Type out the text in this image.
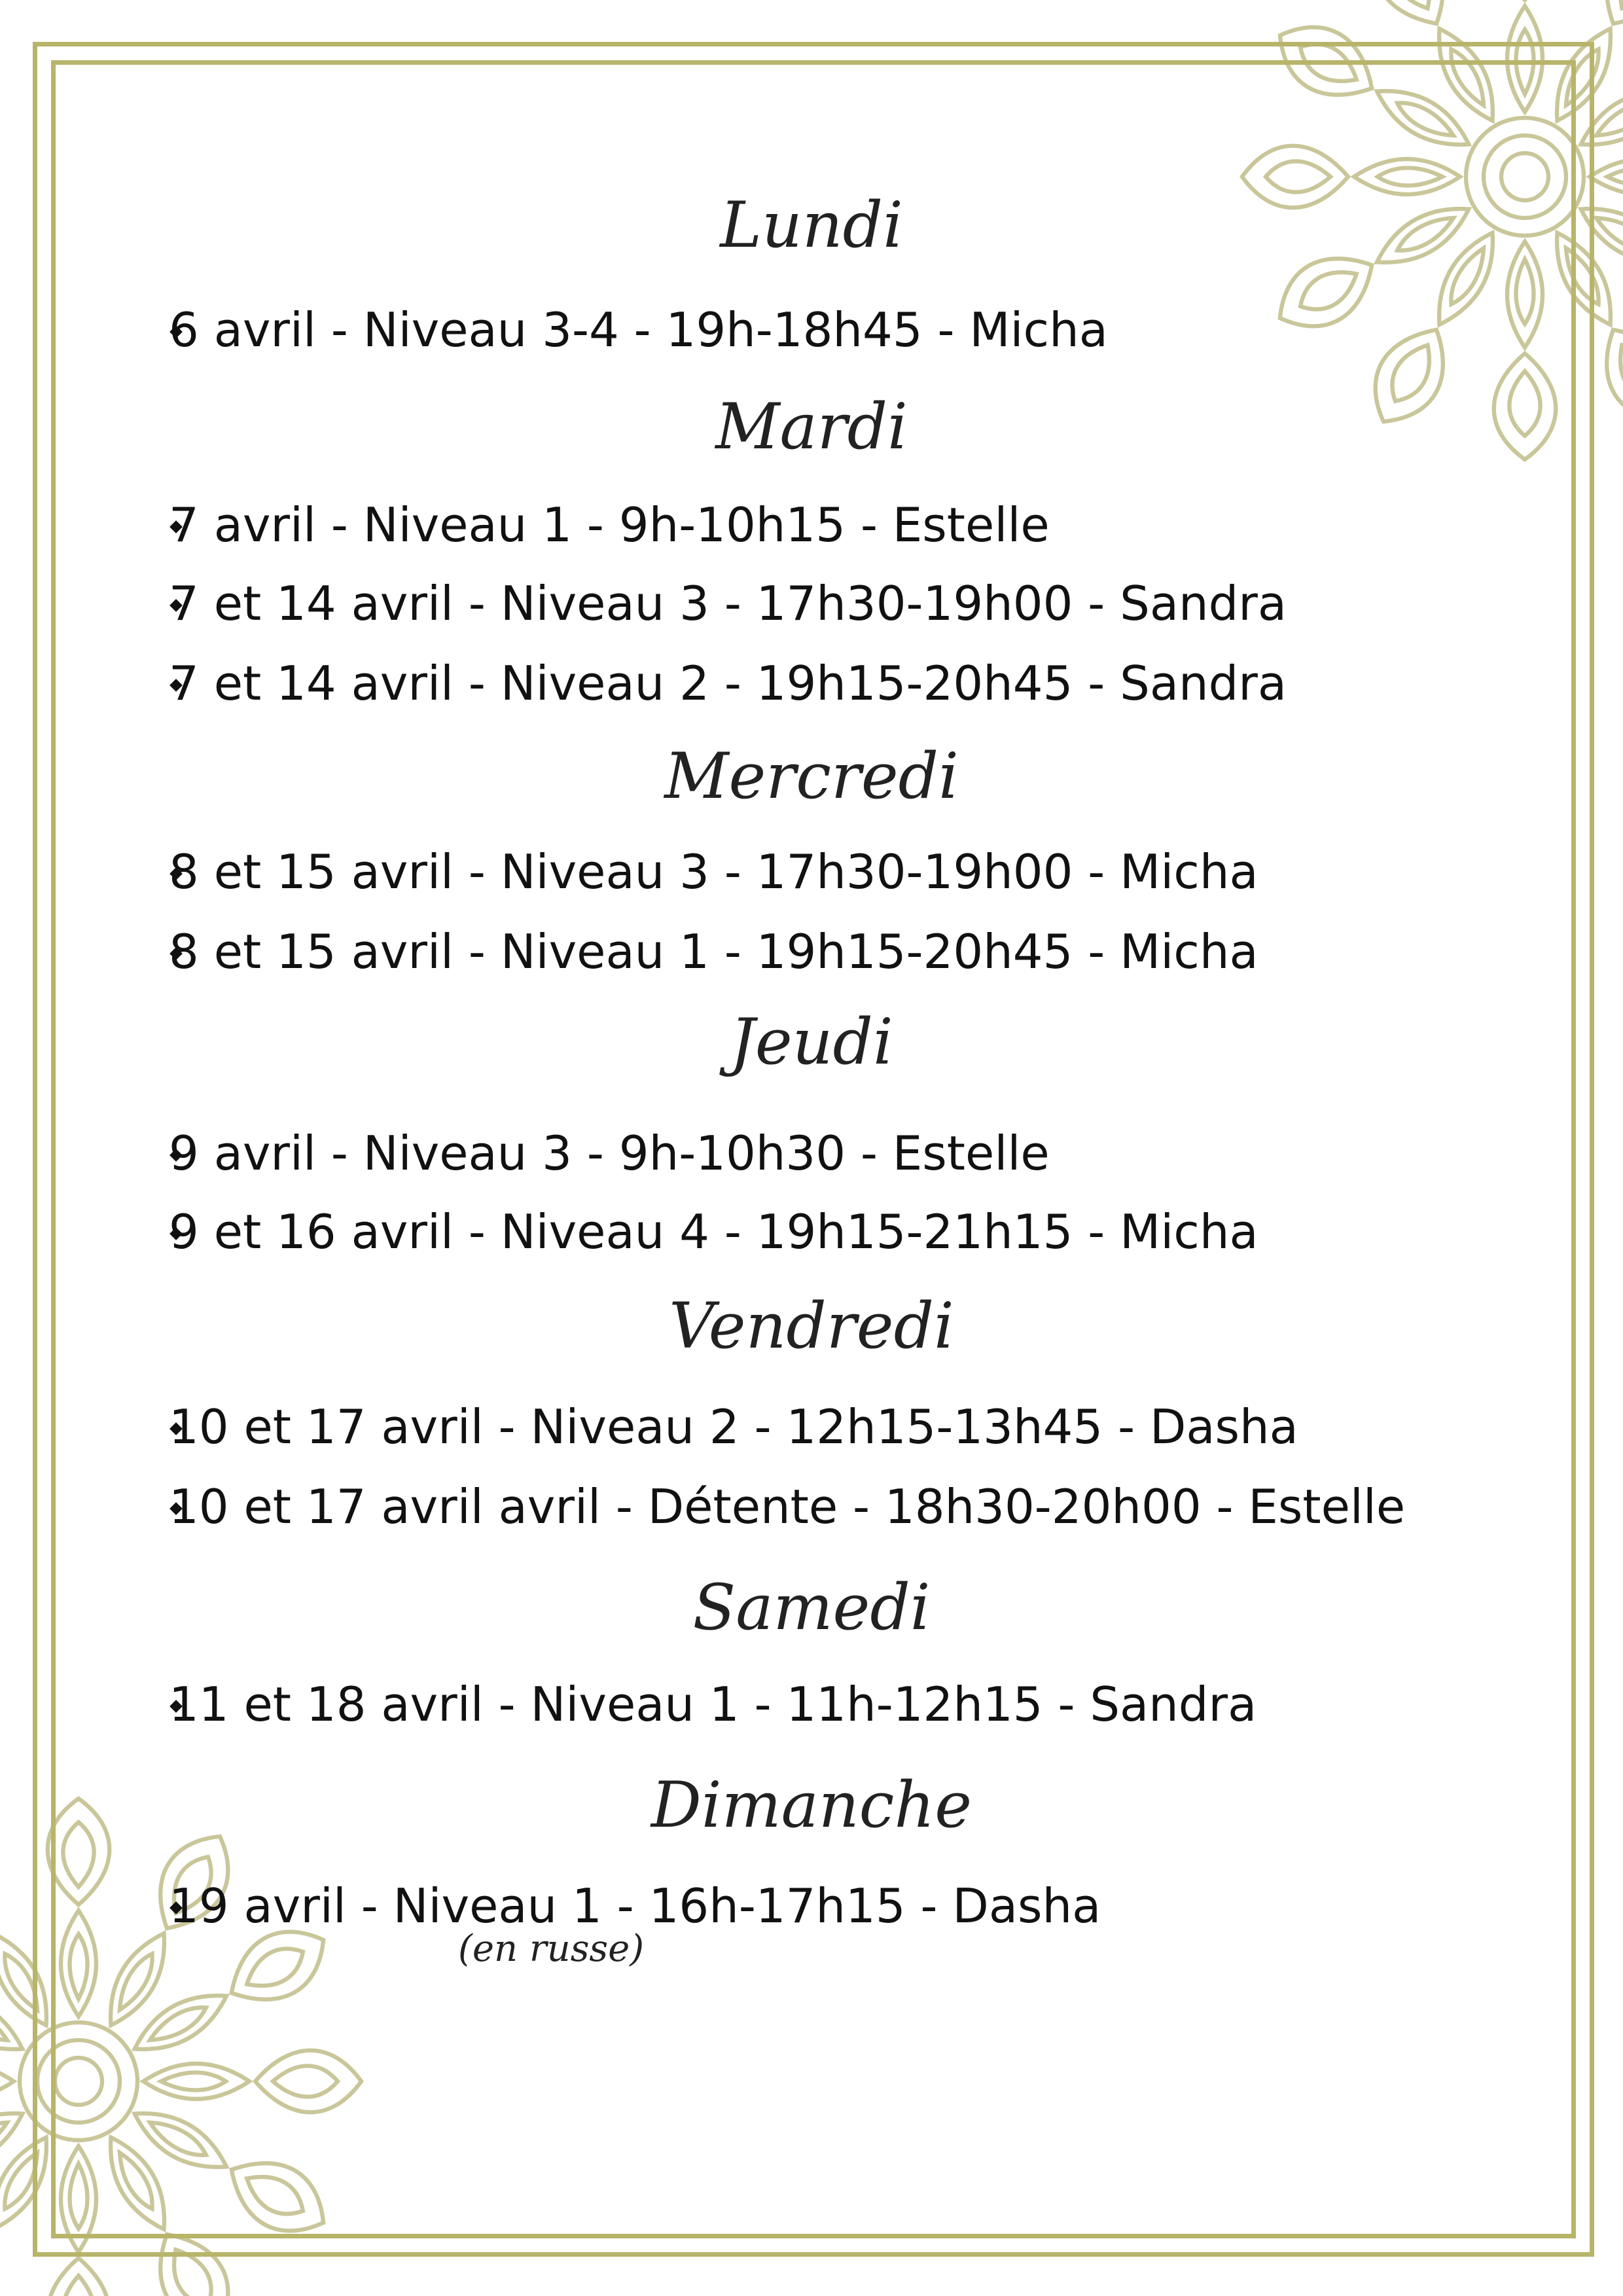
Lundi
6 avril - Niveau 3-4 - 19h-18h45 - Micha
Mardi
7 avril - Niveau 1 - 9h-10h15 - Estelle
7 et 14 avril - Niveau 3 - 17h30-19h00 - Sandra
7 et 14 avril - Niveau 2 - 19h15-20h45 - Sandra
Mercredi
8 et 15 avril - Niveau 3 - 17h30-19h00 - Micha
8 et 15 avril - Niveau 1 - 19h15-20h45 - Micha
Jeudi
9 avril - Niveau 3 - 9h-10h30 - Estelle
9 et 16 avril - Niveau 4 - 19h15-21h15 - Micha
Vendredi
10 et 17 avril - Niveau 2 - 12h15-13h45 - Dasha
10 et 17 avril avril - Détente - 18h30-20h00 - Estelle
Samedi
11 et 18 avril - Niveau 1 - 11h-12h15 - Sandra
Dimanche
19 avril - Niveau 1 - 16h-17h15 - Dasha
(en russe)
